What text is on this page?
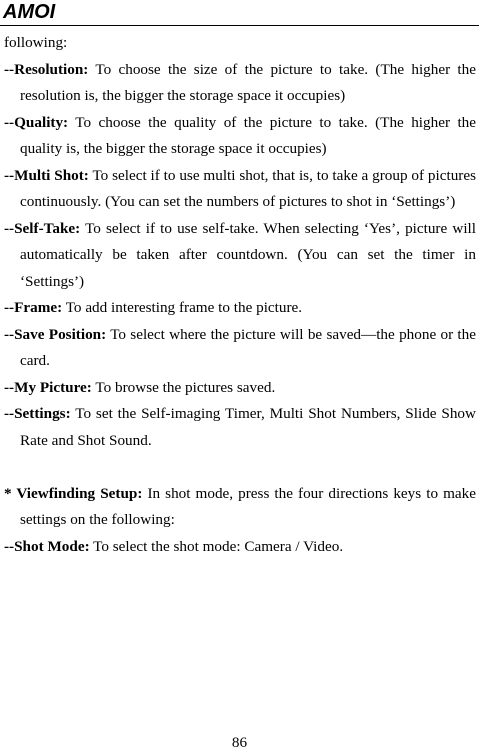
AMOI

following:

--Resolution: To choose the size of the picture to take. (The higher the resolution is, the bigger the storage space it occupies)

--Quality: To choose the quality of the picture to take. (The higher the quality is, the bigger the storage space it occupies)

--Multi Shot: To select if to use multi shot, that is, to take a group of pictures continuously. (You can set the numbers of pictures to shot in ‘Settings’)

--Self-Take: To select if to use self-take. When selecting ‘Yes’, picture will automatically be taken after countdown. (You can set the timer in ‘Settings’)

--Frame: To add interesting frame to the picture.

--Save Position: To select where the picture will be saved—the phone or the card.

--My Picture: To browse the pictures saved.

--Settings: To set the Self-imaging Timer, Multi Shot Numbers, Slide Show Rate and Shot Sound.

* Viewfinding Setup: In shot mode, press the four directions keys to make settings on the following:

--Shot Mode: To select the shot mode: Camera / Video.

86
